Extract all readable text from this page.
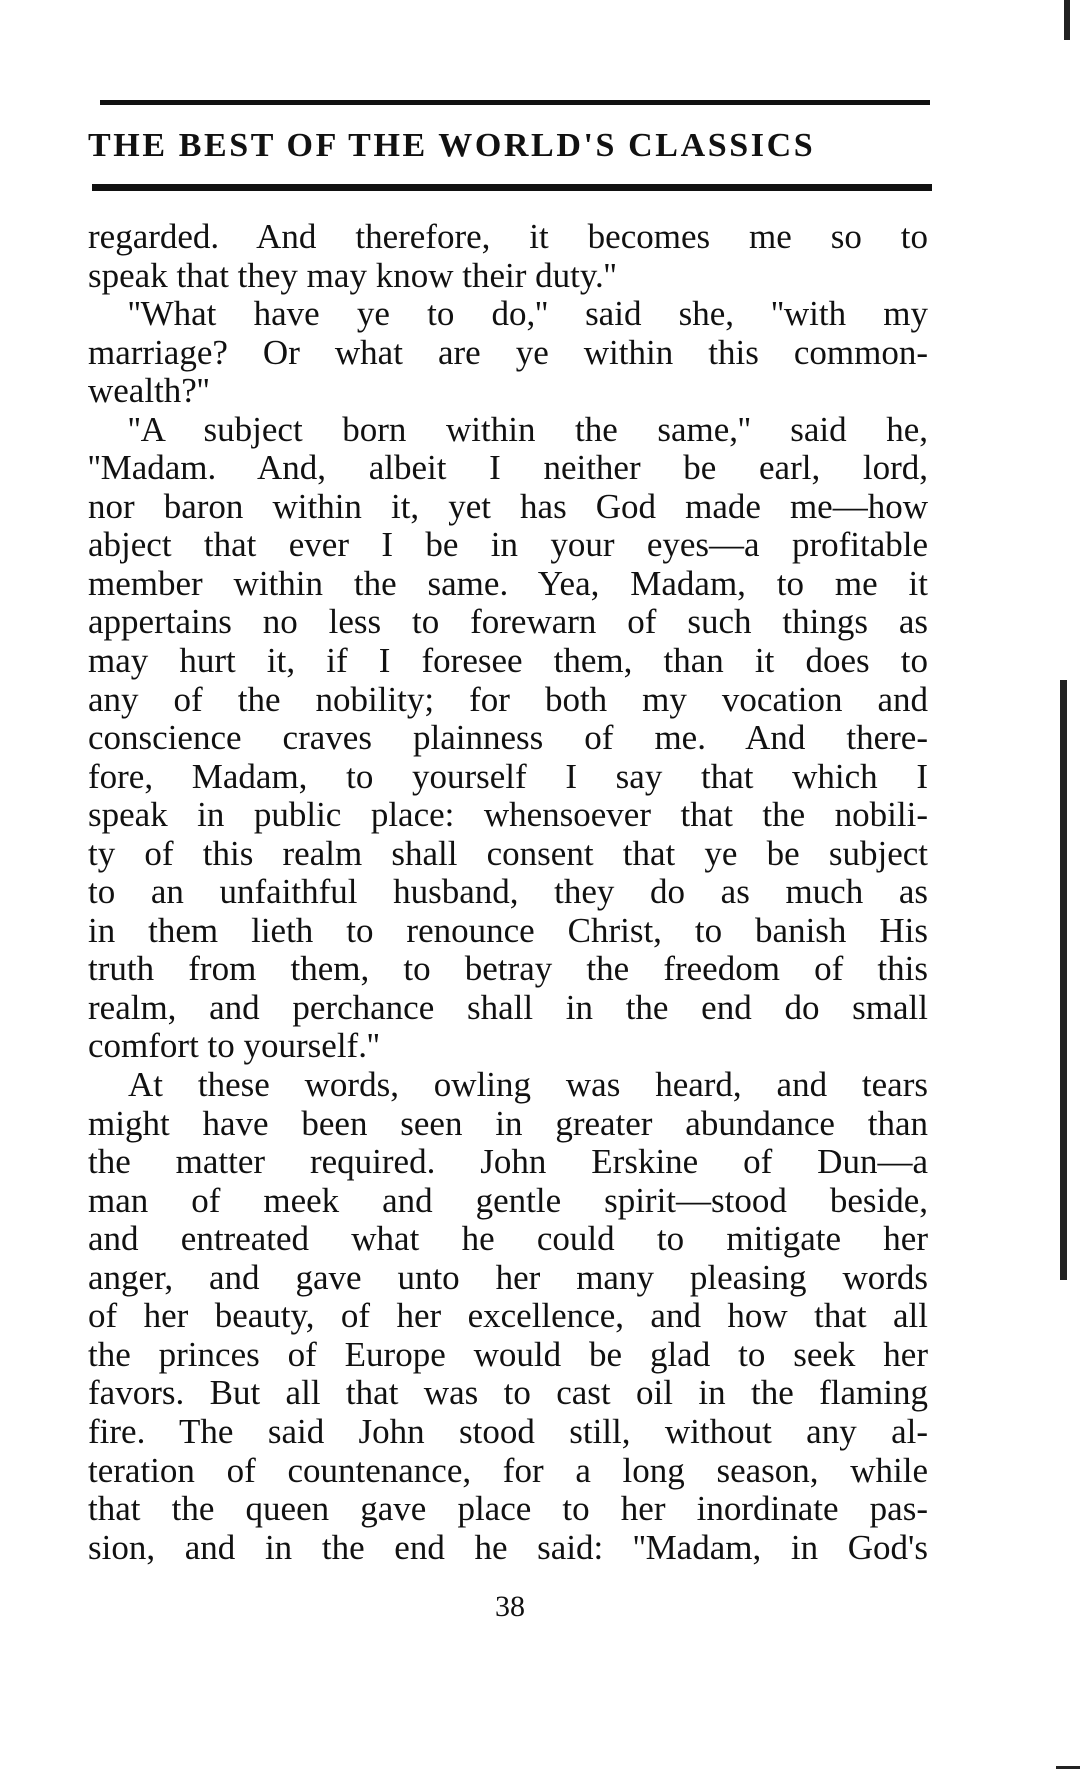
THE BEST OF THE WORLD'S CLASSICS
regarded. And therefore, it becomes me so to
speak that they may know their duty.''
''What have ye to do,'' said she, ''with my
marriage? Or what are ye within this common-
wealth?''
''A subject born within the same,'' said he,
''Madam. And, albeit I neither be earl, lord,
nor baron within it, yet has God made me—how
abject that ever I be in your eyes—a profitable
member within the same. Yea, Madam, to me it
appertains no less to forewarn of such things as
may hurt it, if I foresee them, than it does to
any of the nobility; for both my vocation and
conscience craves plainness of me. And there-
fore, Madam, to yourself I say that which I
speak in public place: whensoever that the nobili-
ty of this realm shall consent that ye be subject
to an unfaithful husband, they do as much as
in them lieth to renounce Christ, to banish His
truth from them, to betray the freedom of this
realm, and perchance shall in the end do small
comfort to yourself.''
At these words, owling was heard, and tears
might have been seen in greater abundance than
the matter required. John Erskine of Dun—a
man of meek and gentle spirit—stood beside,
and entreated what he could to mitigate her
anger, and gave unto her many pleasing words
of her beauty, of her excellence, and how that all
the princes of Europe would be glad to seek her
favors. But all that was to cast oil in the flaming
fire. The said John stood still, without any al-
teration of countenance, for a long season, while
that the queen gave place to her inordinate pas-
sion, and in the end he said: ''Madam, in God's
38
